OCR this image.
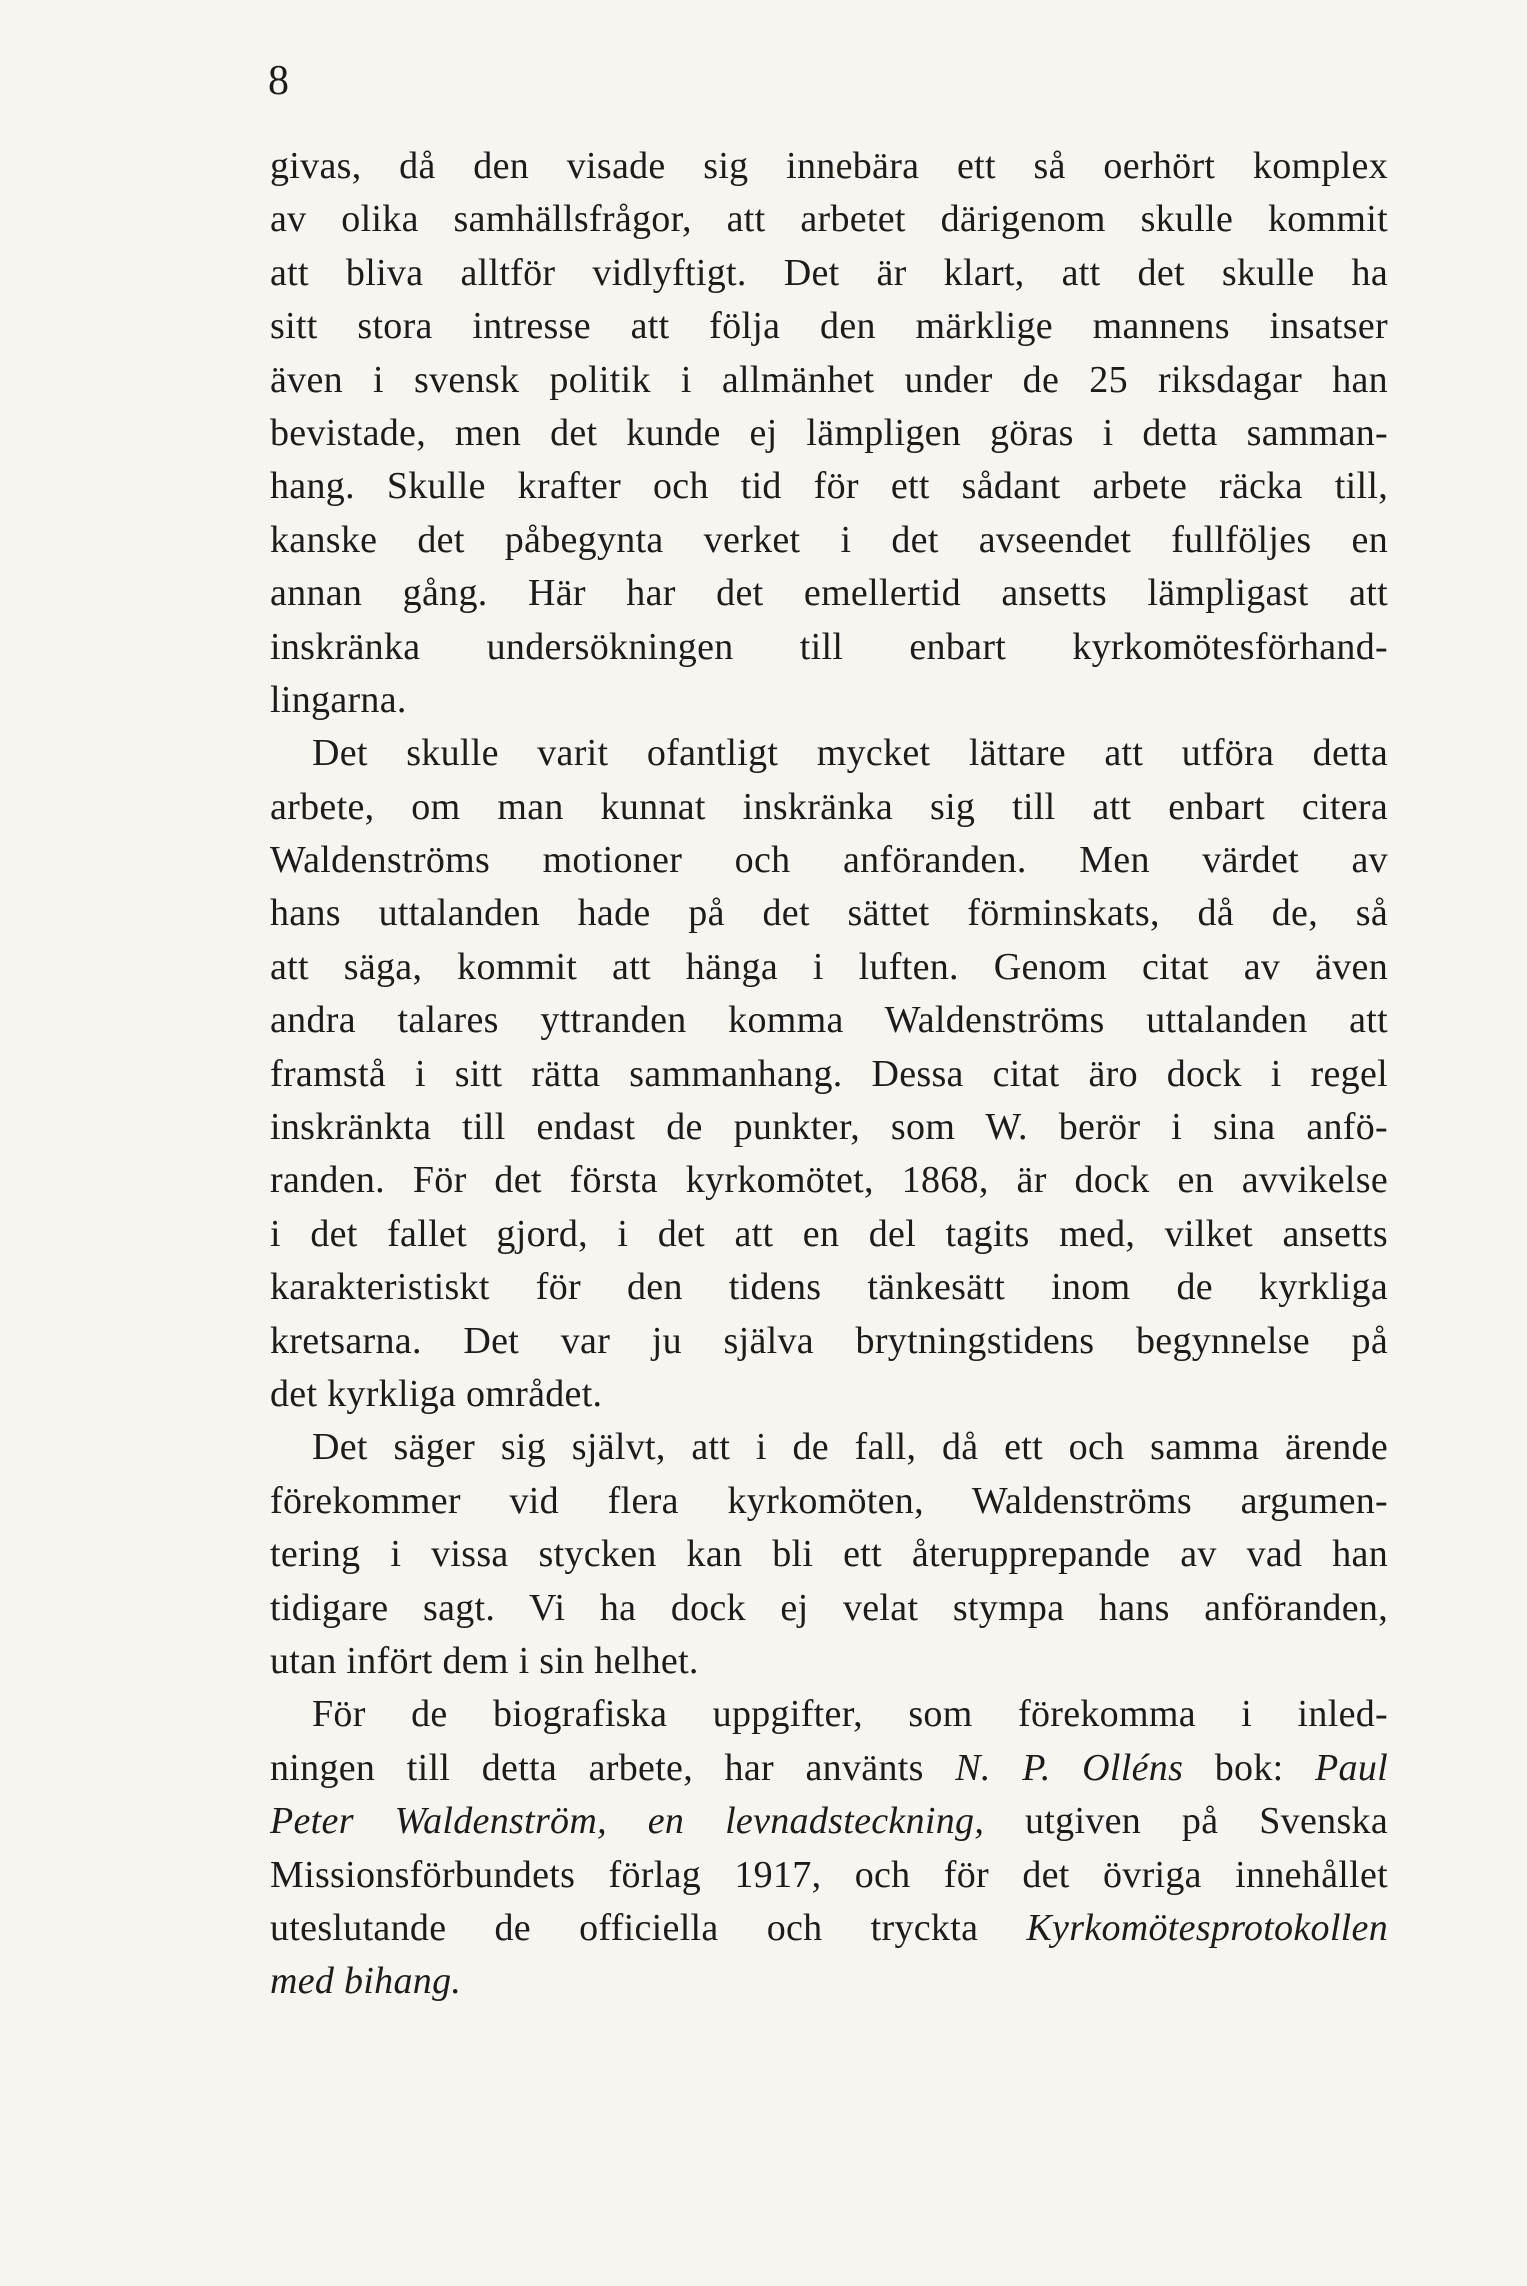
8
givas, då den visade sig innebära ett så oerhört komplex
av olika samhällsfrågor, att arbetet därigenom skulle kommit
att bliva alltför vidlyftigt. Det är klart, att det skulle ha
sitt stora intresse att följa den märklige mannens insatser
även i svensk politik i allmänhet under de 25 riksdagar han
bevistade, men det kunde ej lämpligen göras i detta samman-
hang. Skulle krafter och tid för ett sådant arbete räcka till,
kanske det påbegynta verket i det avseendet fullföljes en
annan gång. Här har det emellertid ansetts lämpligast att
inskränka undersökningen till enbart kyrkomötesförhand-
lingarna.
Det skulle varit ofantligt mycket lättare att utföra detta
arbete, om man kunnat inskränka sig till att enbart citera
Waldenströms motioner och anföranden. Men värdet av
hans uttalanden hade på det sättet förminskats, då de, så
att säga, kommit att hänga i luften. Genom citat av även
andra talares yttranden komma Waldenströms uttalanden att
framstå i sitt rätta sammanhang. Dessa citat äro dock i regel
inskränkta till endast de punkter, som W. berör i sina anfö-
randen. För det första kyrkomötet, 1868, är dock en avvikelse
i det fallet gjord, i det att en del tagits med, vilket ansetts
karakteristiskt för den tidens tänkesätt inom de kyrkliga
kretsarna. Det var ju själva brytningstidens begynnelse på
det kyrkliga området.
Det säger sig självt, att i de fall, då ett och samma ärende
förekommer vid flera kyrkomöten, Waldenströms argumen-
tering i vissa stycken kan bli ett återupprepande av vad han
tidigare sagt. Vi ha dock ej velat stympa hans anföranden,
utan infört dem i sin helhet.
För de biografiska uppgifter, som förekomma i inled-
ningen till detta arbete, har använts N. P. Olléns bok: Paul
Peter Waldenström, en levnadsteckning, utgiven på Svenska
Missionsförbundets förlag 1917, och för det övriga innehållet
uteslutande de officiella och tryckta Kyrkomötesprotokollen
med bihang.
